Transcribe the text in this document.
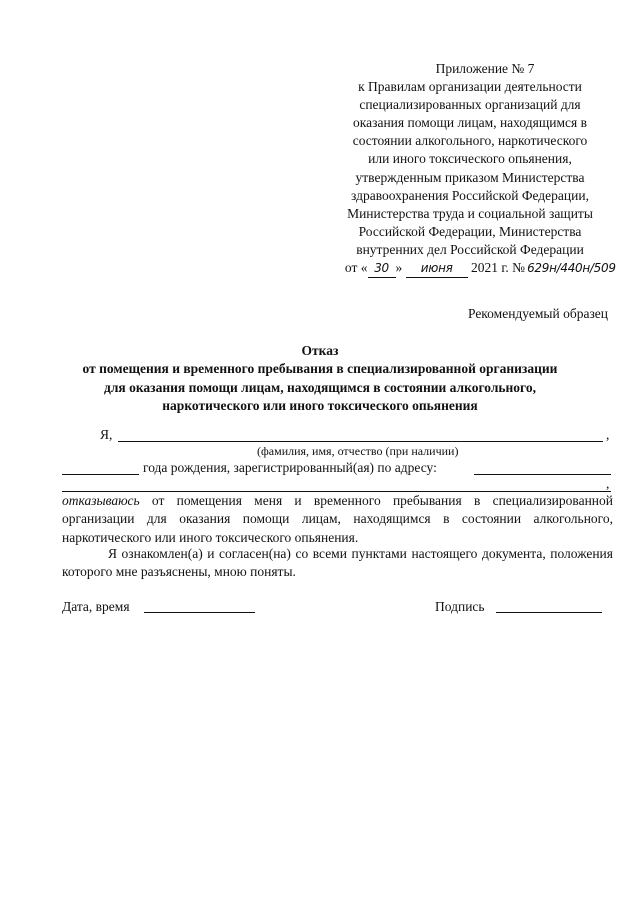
Приложение № 7
к Правилам организации деятельности
специализированных организаций для
оказания помощи лицам, находящимся в
состоянии алкогольного, наркотического
или иного токсического опьянения,
утвержденным приказом Министерства
здравоохранения Российской Федерации,
Министерства труда и социальной защиты
Российской Федерации, Министерства
внутренних дел Российской Федерации
от « 30 » июня 2021 г. № 629н/440н/509
Рекомендуемый образец
Отказ
от помещения и временного пребывания в специализированной организации
для оказания помощи лицам, находящимся в состоянии алкогольного,
наркотического или иного токсического опьянения
Я,	,
(фамилия, имя, отчество (при наличии)
года рождения, зарегистрированный(ая) по адресу:
,
отказываюсь от помещения меня и временного пребывания в специализированной организации для оказания помощи лицам, находящимся в состоянии алкогольного, наркотического или иного токсического опьянения.
Я ознакомлен(а) и согласен(на) со всеми пунктами настоящего документа, положения которого мне разъяснены, мною поняты.
Дата, время	Подпись
